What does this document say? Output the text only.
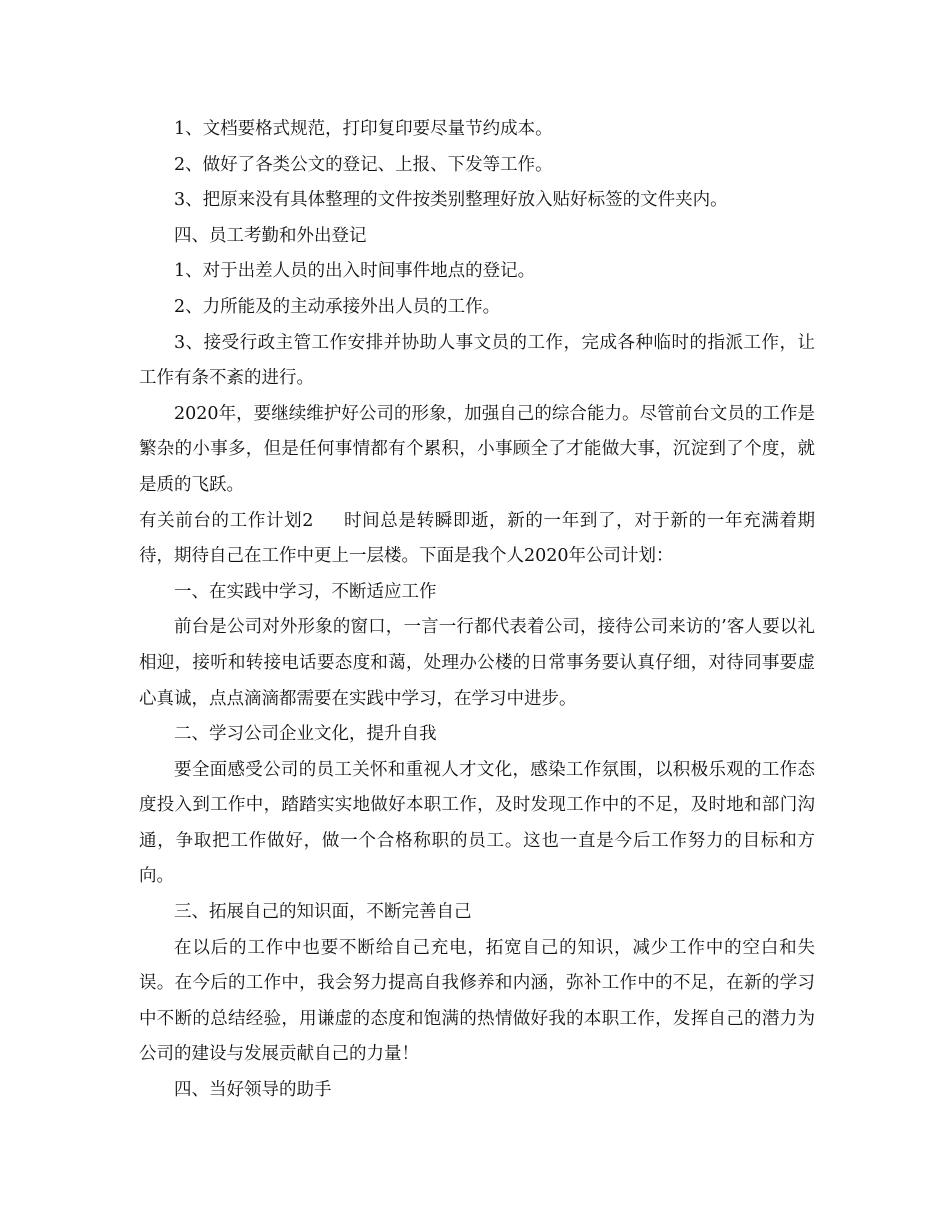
1、文档要格式规范，打印复印要尽量节约成本。

2、做好了各类公文的登记、上报、下发等工作。

3、把原来没有具体整理的文件按类别整理好放入贴好标签的文件夹内。

四、员工考勤和外出登记

1、对于出差人员的出入时间事件地点的登记。

2、力所能及的主动承接外出人员的工作。

3、接受行政主管工作安排并协助人事文员的工作，完成各种临时的指派工作，让工作有条不紊的进行。

2020年，要继续维护好公司的形象，加强自己的综合能力。尽管前台文员的工作是繁杂的小事多，但是任何事情都有个累积，小事顾全了才能做大事，沉淀到了个度，就是质的飞跃。

有关前台的工作计划2 时间总是转瞬即逝，新的一年到了，对于新的一年充满着期待，期待自己在工作中更上一层楼。下面是我个人2020年公司计划：

一、在实践中学习，不断适应工作

前台是公司对外形象的窗口，一言一行都代表着公司，接待公司来访的’客人要以礼相迎，接听和转接电话要态度和蔼，处理办公楼的日常事务要认真仔细，对待同事要虚心真诚，点点滴滴都需要在实践中学习，在学习中进步。

二、学习公司企业文化，提升自我

要全面感受公司的员工关怀和重视人才文化，感染工作氛围，以积极乐观的工作态度投入到工作中，踏踏实实地做好本职工作，及时发现工作中的不足，及时地和部门沟通，争取把工作做好，做一个合格称职的员工。这也一直是今后工作努力的目标和方向。

三、拓展自己的知识面，不断完善自己

在以后的工作中也要不断给自己充电，拓宽自己的知识，减少工作中的空白和失误。在今后的工作中，我会努力提高自我修养和内涵，弥补工作中的不足，在新的学习中不断的总结经验，用谦虚的态度和饱满的热情做好我的本职工作，发挥自己的潜力为公司的建设与发展贡献自己的力量！

四、当好领导的助手
